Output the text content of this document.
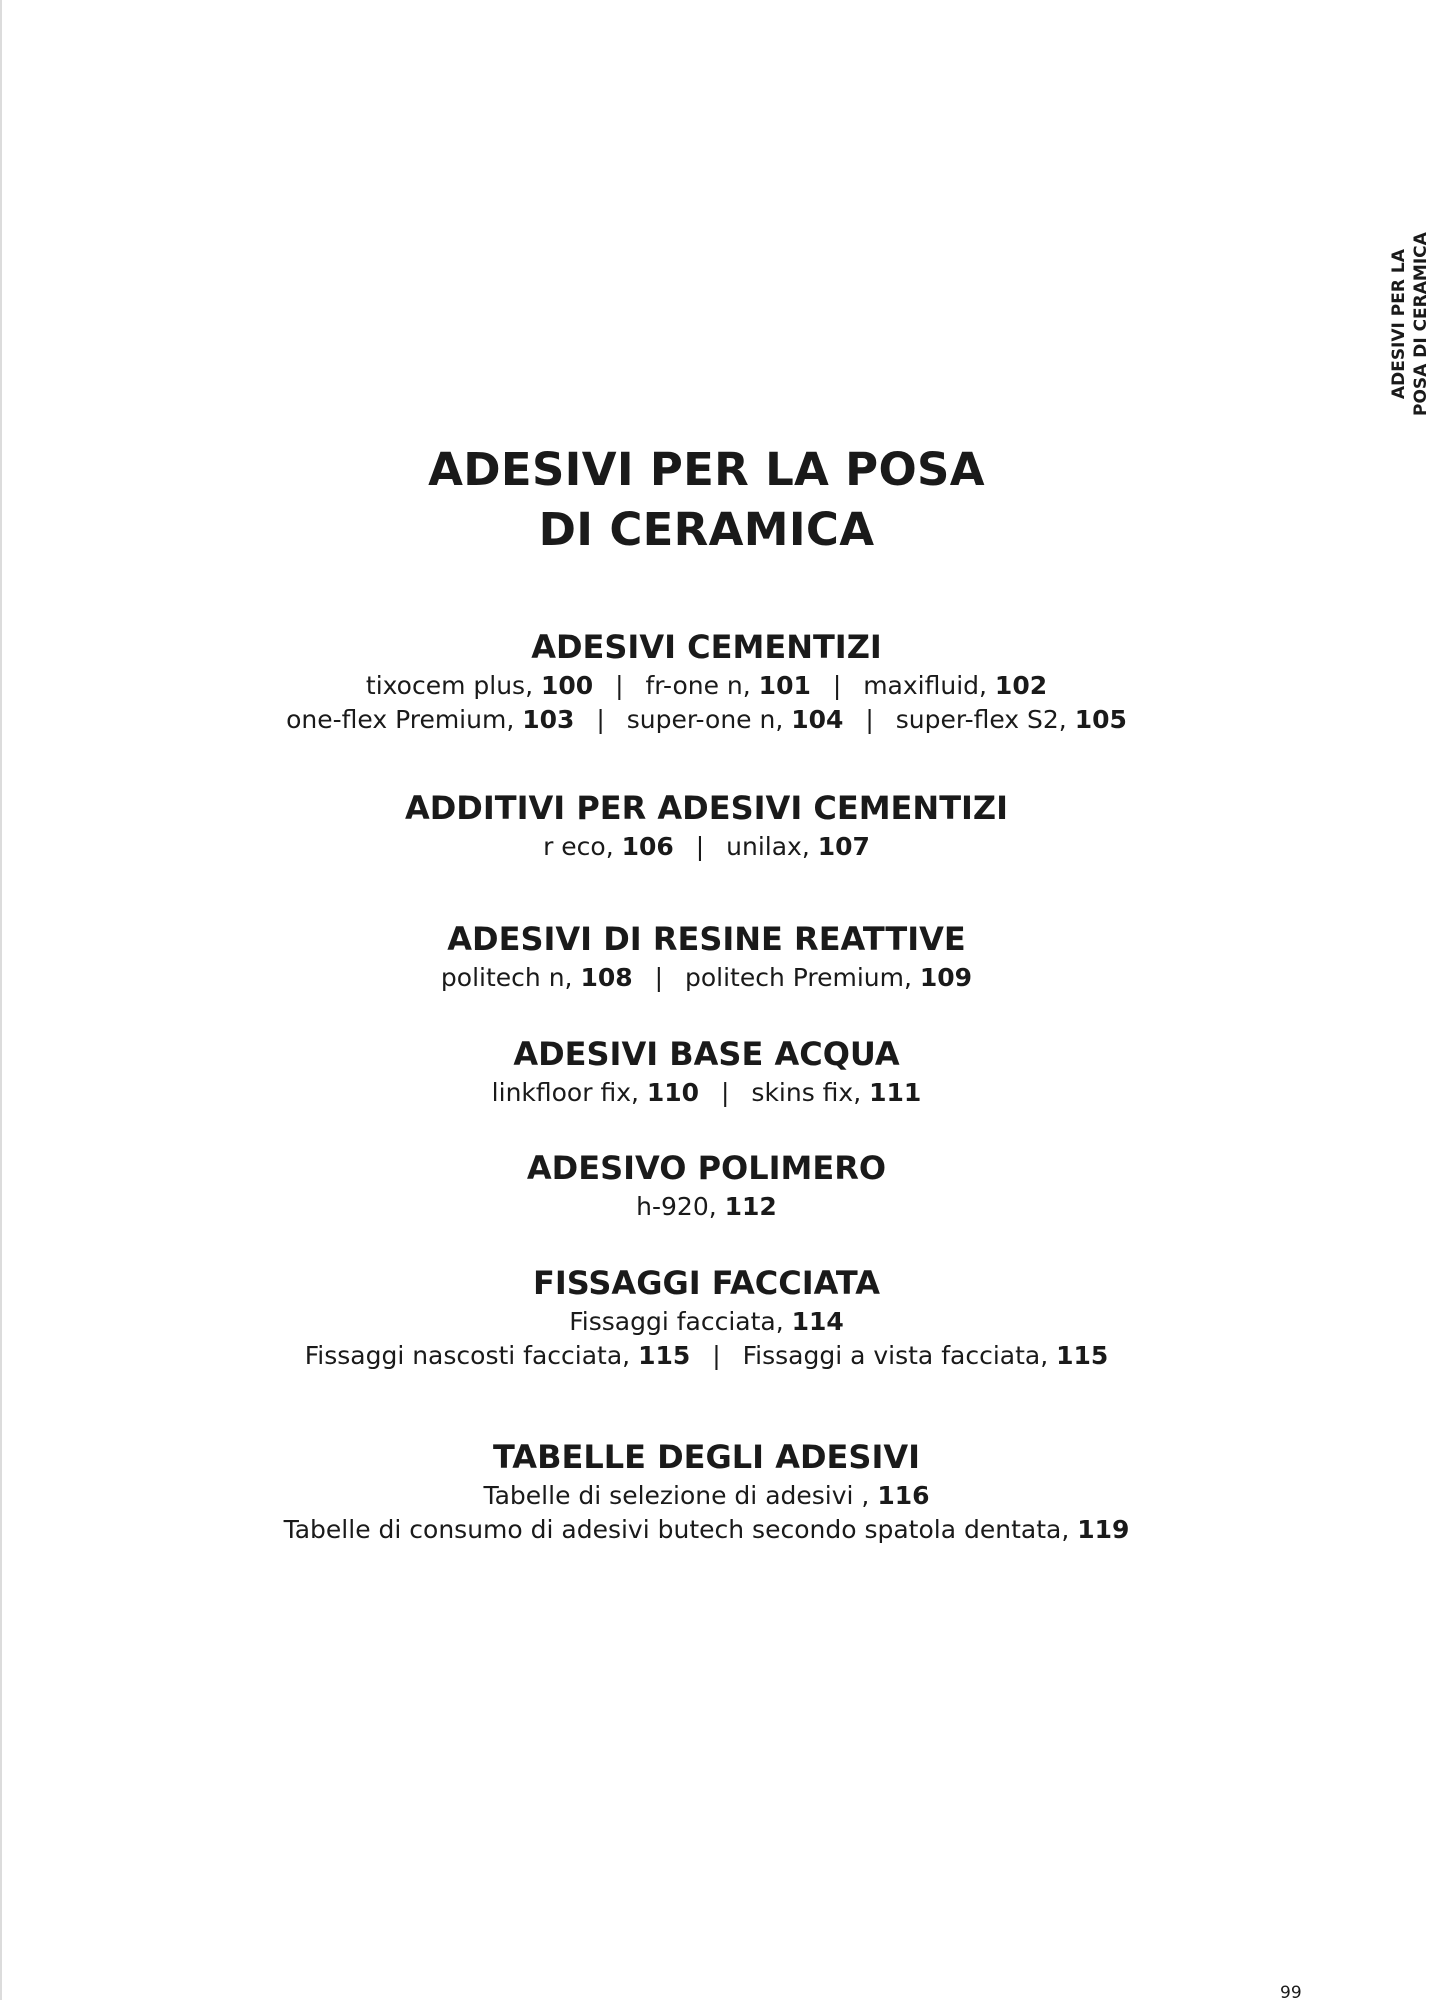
ADESIVI PER LA POSA
DI CERAMICA
ADESIVI PER LA POSA DI CERAMICA
ADESIVI CEMENTIZI
tixocem plus, 100 | fr-one n, 101 | maxifluid, 102
one-flex Premium, 103 | super-one n, 104 | super-flex S2, 105
ADDITIVI PER ADESIVI CEMENTIZI
r eco, 106 | unilax, 107
ADESIVI DI RESINE REATTIVE
politech n, 108 | politech Premium, 109
ADESIVI BASE ACQUA
linkfloor fix, 110 | skins fix, 111
ADESIVO POLIMERO
h-920, 112
FISSAGGI FACCIATA
Fissaggi facciata, 114
Fissaggi nascosti facciata, 115 | Fissaggi a vista facciata, 115
TABELLE DEGLI ADESIVI
Tabelle di selezione di adesivi , 116
Tabelle di consumo di adesivi butech secondo spatola dentata, 119
99
